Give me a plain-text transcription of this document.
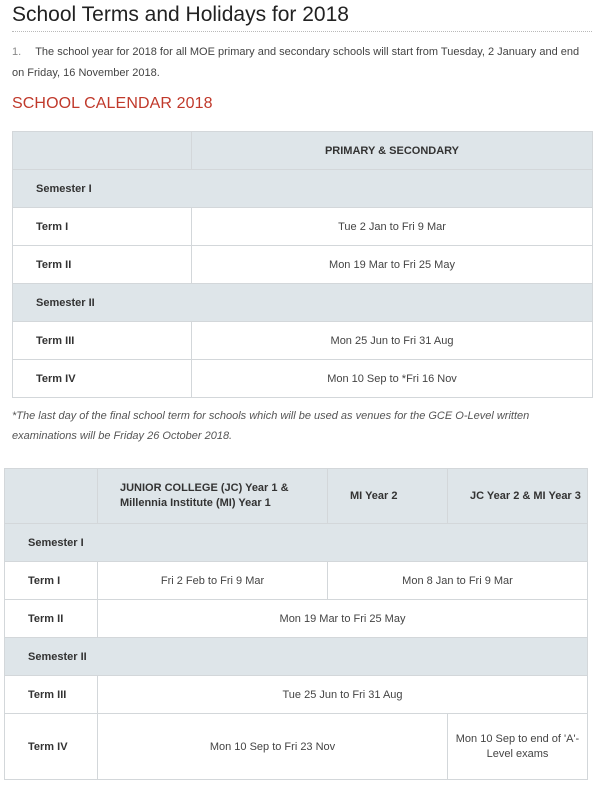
School Terms and Holidays for 2018
1. The school year for 2018 for all MOE primary and secondary schools will start from Tuesday, 2 January and end on Friday, 16 November 2018.
SCHOOL CALENDAR 2018
	PRIMARY & SECONDARY
Semester I	
Term I	Tue 2 Jan to Fri 9 Mar
Term II	Mon 19 Mar to Fri 25 May
Semester II	
Term III	Mon 25 Jun to Fri 31 Aug
Term IV	Mon 10 Sep to *Fri 16 Nov
*The last day of the final school term for schools which will be used as venues for the GCE O-Level written examinations will be Friday 26 October 2018.
	JUNIOR COLLEGE (JC) Year 1 & Millennia Institute (MI) Year 1	MI Year 2	JC Year 2 & MI Year 3
Semester I			
Term I	Fri 2 Feb to Fri 9 Mar	Mon 8 Jan to Fri 9 Mar	
Term II	Mon 19 Mar to Fri 25 May		
Semester II			
Term III	Tue 25 Jun to Fri 31 Aug		
Term IV	Mon 10 Sep to Fri 23 Nov		Mon 10 Sep to end of 'A'-Level exams
